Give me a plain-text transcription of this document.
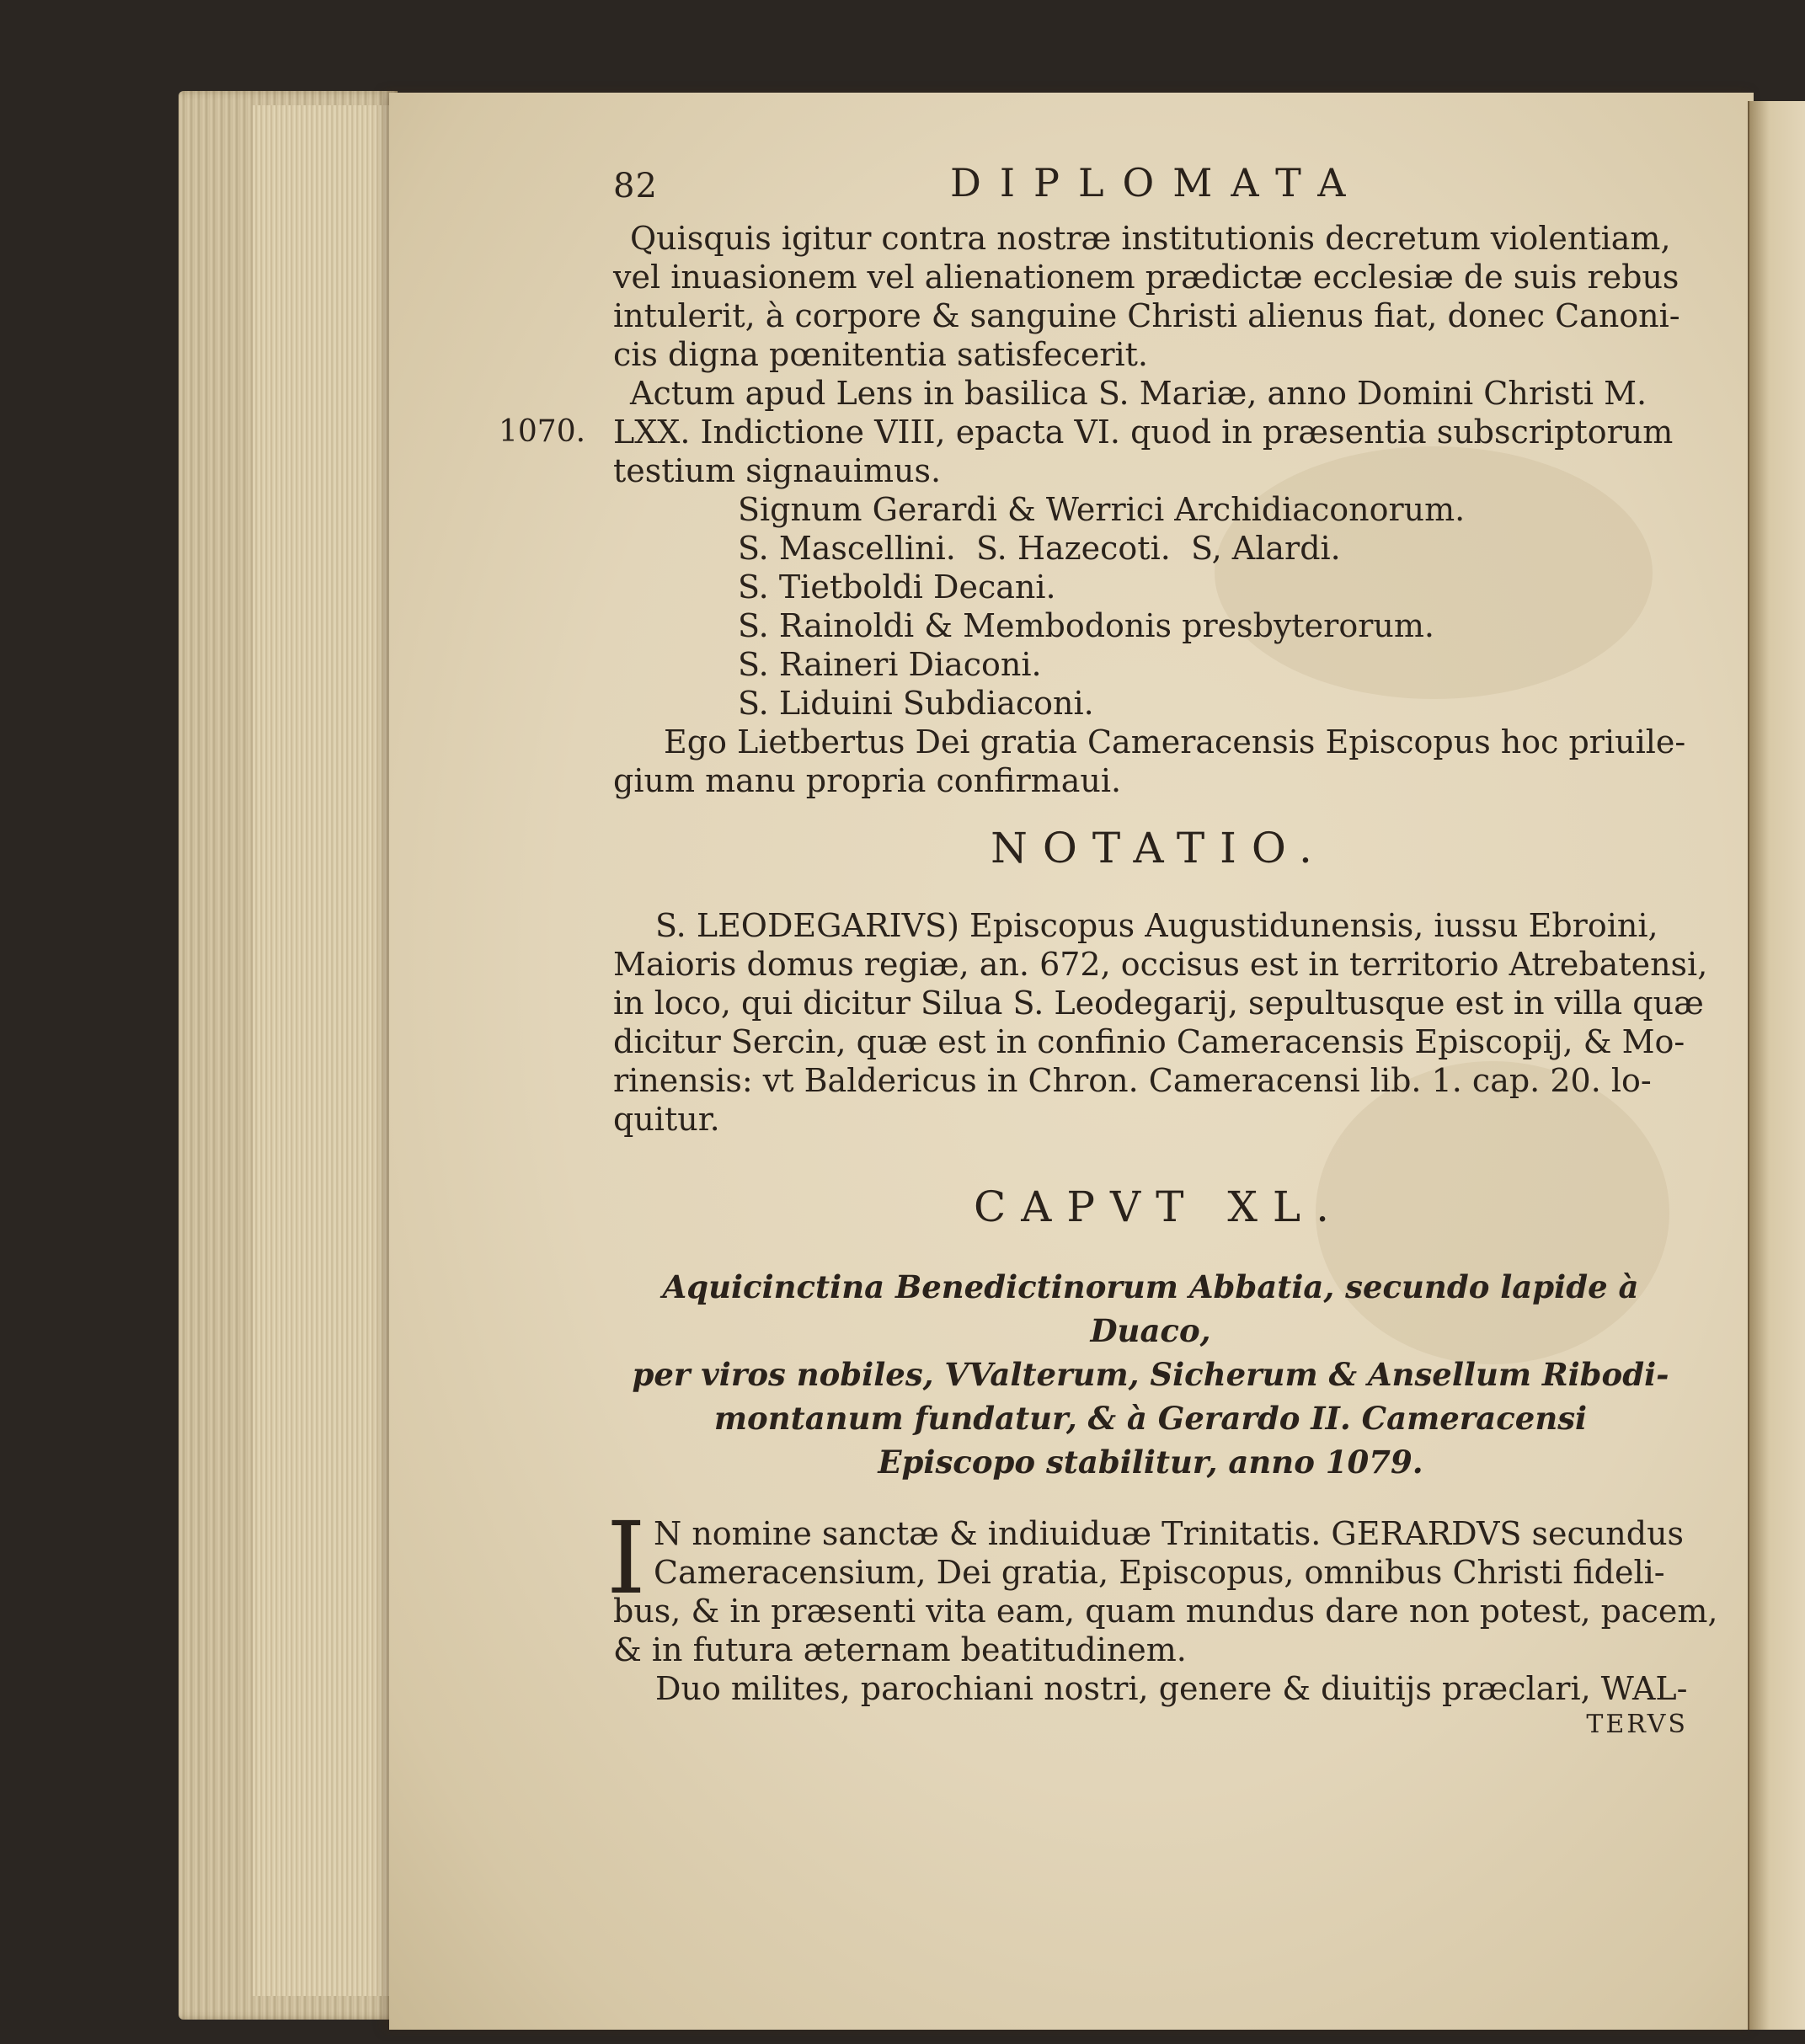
82	DIPLOMATA
Quisquis igitur contra nostræ institutionis decretum violentiam,
vel inuasionem vel alienationem prædictæ ecclesiæ de suis rebus
intulerit, à corpore & sanguine Christi alienus fiat, donec Canoni-
cis digna pœnitentia satisfecerit.
Actum apud Lens in basilica S. Mariæ, anno Domini Christi M.
1070. LXX. Indictione VIII, epacta VI. quod in præsentia subscriptorum
testium signauimus.
Signum Gerardi & Werrici Archidiaconorum.
S. Mascellini.  S. Hazecoti.  S, Alardi.
S. Tietboldi Decani.
S. Rainoldi & Membodonis presbyterorum.
S. Raineri Diaconi.
S. Liduini Subdiaconi.
Ego Lietbertus Dei gratia Cameracensis Episcopus hoc priuile-
gium manu propria confirmaui.
NOTATIO.
S. LEODEGARIVS) Episcopus Augustidunensis, iussu Ebroini,
Maioris domus regiæ, an. 672, occisus est in territorio Atrebatensi,
in loco, qui dicitur Silua S. Leodegarij, sepultusque est in villa quæ
dicitur Sercin, quæ est in confinio Cameracensis Episcopij, & Mo-
rinensis: vt Baldericus in Chron. Cameracensi lib. 1. cap. 20. lo-
quitur.
CAPVT XL.
Aquicinctina Benedictinorum Abbatia, secundo lapide à Duaco,
per viros nobiles, VValterum, Sicherum & Ansellum Ribodi-
montanum fundatur, & à Gerardo II. Cameracensi
Episcopo stabilitur, anno 1079.
I N nomine sanctæ & indiuiduæ Trinitatis. GERARDVS secundus
Cameracensium, Dei gratia, Episcopus, omnibus Christi fideli-
bus, & in præsenti vita eam, quam mundus dare non potest, pacem,
& in futura æternam beatitudinem.
Duo milites, parochiani nostri, genere & diuitijs præclari, WAL-
TERVS
